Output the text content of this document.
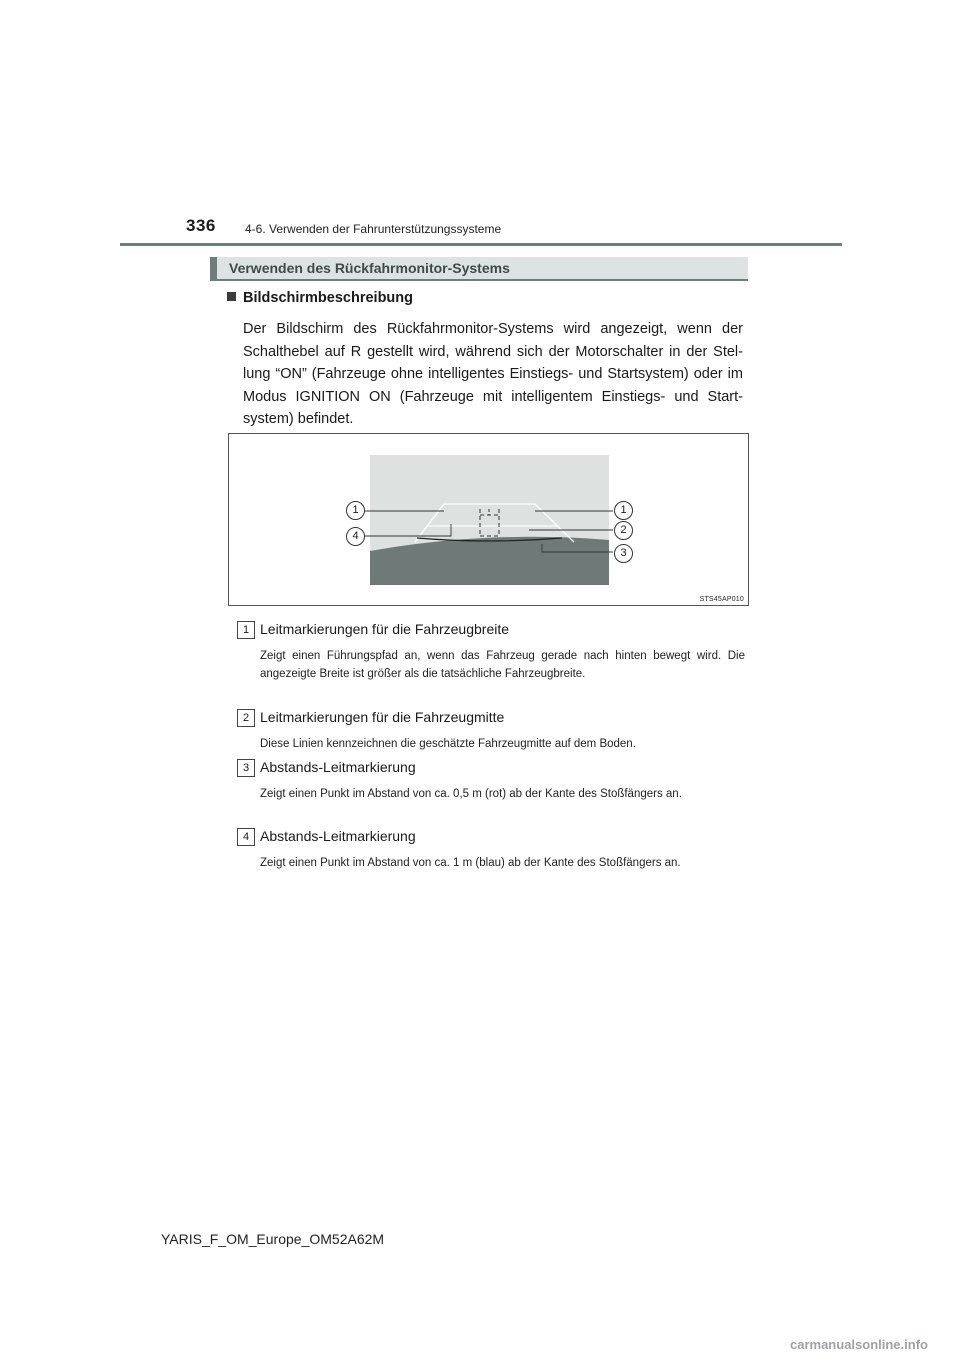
336 4-6. Verwenden der Fahrunterstützungssysteme
Verwenden des Rückfahrmonitor-Systems
Bildschirmbeschreibung
Der Bildschirm des Rückfahrmonitor-Systems wird angezeigt, wenn der Schalthebel auf R gestellt wird, während sich der Motorschalter in der Stel- lung “ON” (Fahrzeuge ohne intelligentes Einstiegs- und Startsystem) oder im Modus IGNITION ON (Fahrzeuge mit intelligentem Einstiegs- und Start- system) befindet.
1	1
4	2
3
STS45AP010
1 Leitmarkierungen für die Fahrzeugbreite
Zeigt einen Führungspfad an, wenn das Fahrzeug gerade nach hinten bewegt wird. Die angezeigte Breite ist größer als die tatsächliche Fahrzeugbreite.
2 Leitmarkierungen für die Fahrzeugmitte
Diese Linien kennzeichnen die geschätzte Fahrzeugmitte auf dem Boden.
3 Abstands-Leitmarkierung
Zeigt einen Punkt im Abstand von ca. 0,5 m (rot) ab der Kante des Stoßfängers an.
4 Abstands-Leitmarkierung
Zeigt einen Punkt im Abstand von ca. 1 m (blau) ab der Kante des Stoßfängers an.
YARIS_F_OM_Europe_OM52A62M
carmanualsonline.info
